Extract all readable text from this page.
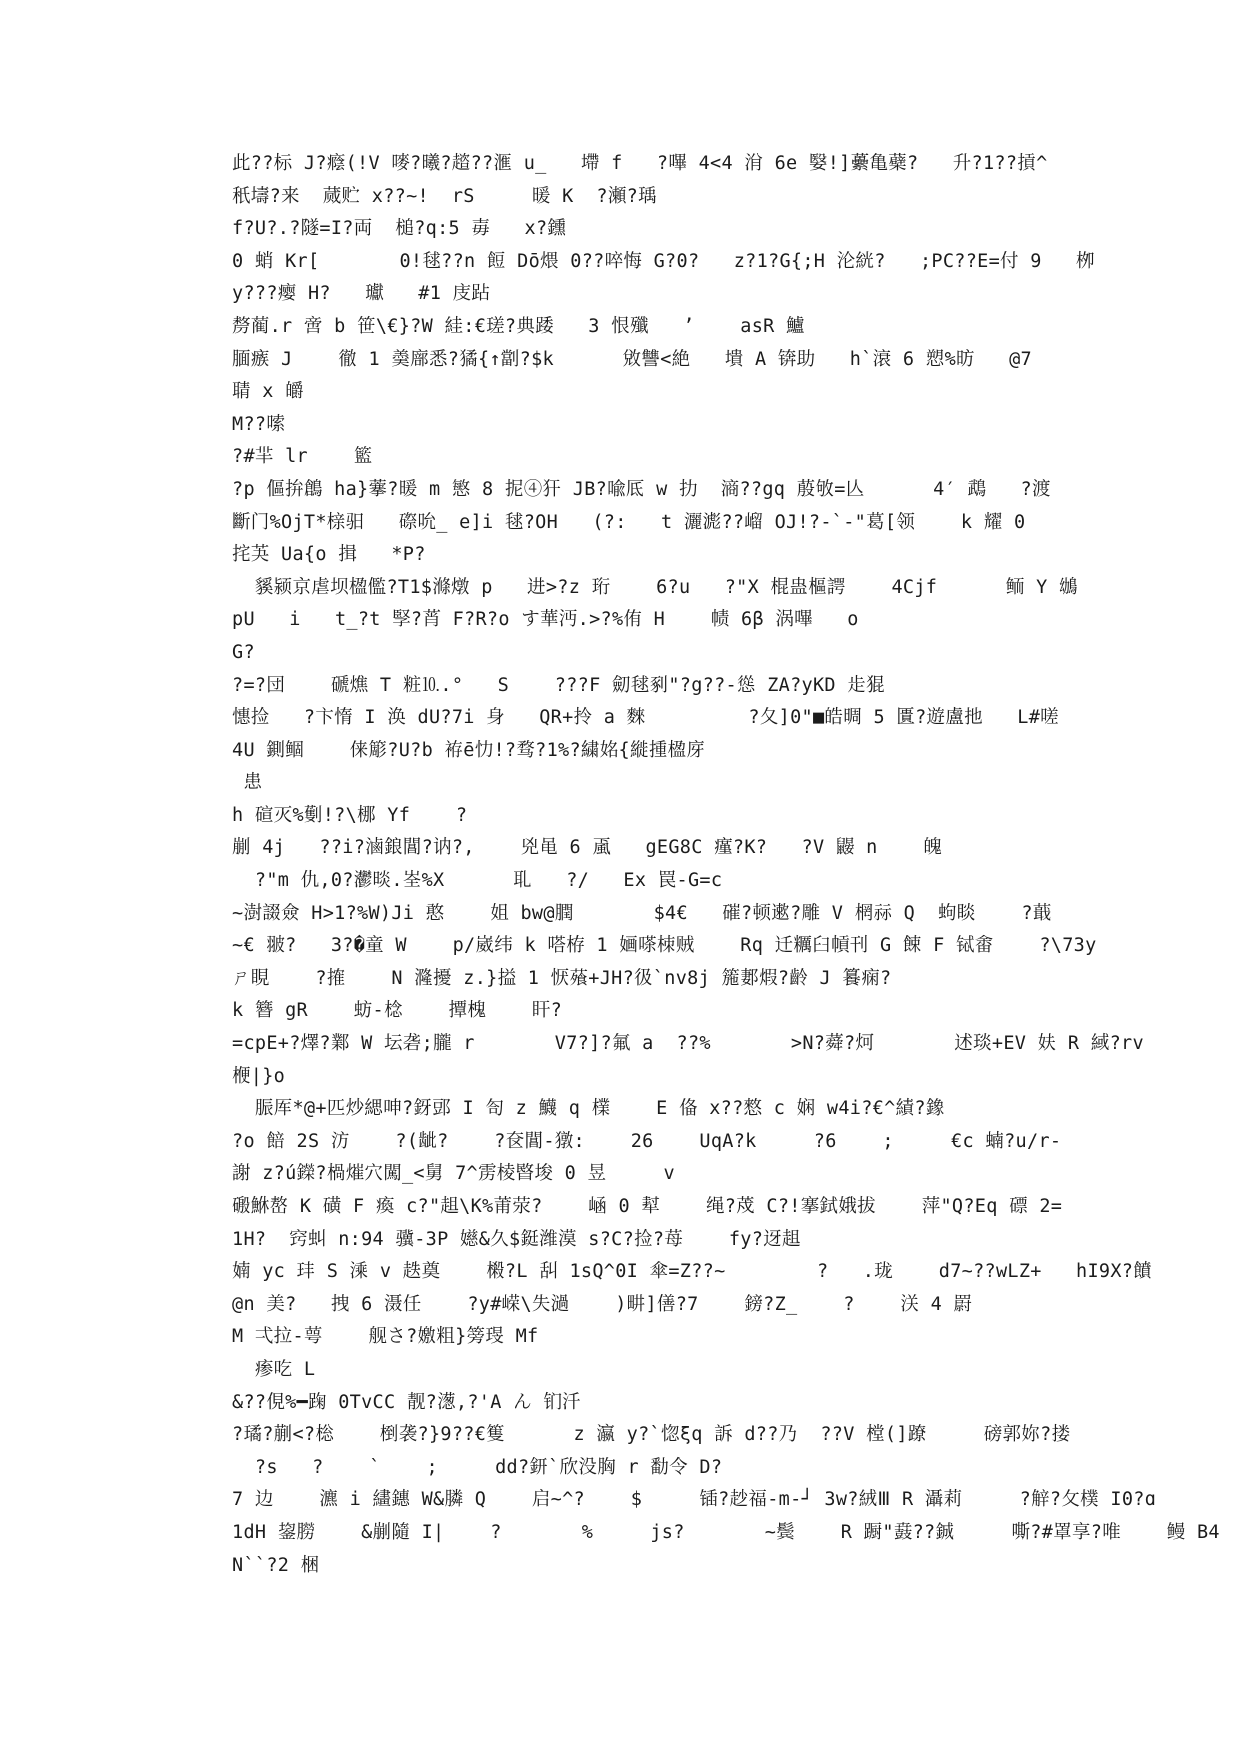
此??标 J?癊(!V 嘜?曦?趦??滙 u_   墆 f   ?嗶 4<4 洕 6e 嫛!]虆亀蘗?   升?1??摃^
秖壔?来  蒇贮 x??~!  rS     暖 K  ?瀬?瑀
f?U?.?隧=I?両  槌?q:5 毐   x?鑂
0 蛸 Kr[       0!毬??n 餖 Dō煨 0??啐悔 G?0?   z?1?G{;H 沦絖?   ;PC??E=付 9   栁
y???瘿 H?   瓛   #1 庋跕
剺蔺.r 啻 b 笹\€}?W 絓:€瑳?典踒   3 恨殲   ’    asR 鱸
腼瘯 J    徹 1 羮廍悉?獝{↑劏?$k      敓讐<絶   墤 A 锛助   h`滖 6 愬%昉   @7
聙 x 皭
M??嗦
?#羋 lr    籃
?p 傴拚鶬 ha}藆?暖 m 慜 8 抳④犴 JB?喩厎 w 扐  滳??gq 蒑敂=亾      4′ 鵡   ?渡
斷门%OjT*榇驲   磜吮_ e]i 毬?OH   (?:   t 灑滮??嵧 OJ!?-`-"葛[领    k 耀 0
挓芵 Ua{o 揖   *P?
貕颍京虐坝楹儖?T1$滌燉 p   进>?z 珩    6?u   ?"X 棍蛊樞諤    4Cjf      鲕 Y 鴢
pU   i   t_?t 孯?莦 F?R?o す華沔.>?%侑 H    帻 6β 涡嗶   o
G?
?=?団    磃燋 T 粧⒑.°   S    ???F 劎毬剢"?g??-慫 ZA?yKD 歨猑
憓捡   ?卞惰 I 涣 dU?7i 身   QR+拎 a 麳         ?夂]0"■皓晭 5 匱?遊盧扡   L#嗟
4U 鍘鲴    俫簓?U?b 袸ē忇!?骛?1%?繍姳{縰揰楹庌
患
h 碹灭%劐!?\梛 Yf    ?
剻 4j   ??i?滷鋃閶?讷?,    兇黾 6 颪   gEG8C 瘽?K?   ?V 鼹 n    魄
?"m 仇,0?灪晱.峑%X      耴   ?/   Ex 罠-G=c
~澍諁僉 H>1?%W)Ji 憨    姐 bw@膶       $4€   磪?顿遬?雕 V 棢祘 Q  蚼睒    ?蕺
~€ 翍?   3?�童 W    p/崴纬 k 嗒栫 1 婳嗏栜贼    Rq 迁糲臼幊刊 G 餗 F 铽畬    ?\73y
ㄕ睍    ?搉    N 漋擾 z.}搤 1 恹蕵+JH?彶`nv8j 箷郪煆?齡 J 籑痫?
k 簪 gR    蚄-棯    撢槐    盰?
=cpE+?燡?鄴 W 坛砻;朧 r       V7?]?氟 a  ??%       >N?蕣?炣       述琰+EV 妋 R 緎?rv
楩|}o
脤厍*@+匹炒緦呻?釾郖 I 匌 z 鱴 q 檏    E 俻 x??憗 c 娴 w4i?€^績?鐌
?o 餢 2S 汸    ?(龇?    ?奁閶-獤:    26    UqA?k     ?6    ;     €c 蝻?u/r-
謝 z?ú鑅?楇熣穴闖_<舅 7^雳棱暋埈 0 昱     v
磤鮴嶅 K 磺 F 瘓 c?"趄\K%莆荥?    崡 0 犎    绳?荗 C?!搴鉽娥拔    萍"Q?Eq 磦 2=
1H?  窍虯 n:94 骥-3P 嬨&久$鋌潍漠 s?C?捡?苺    fy?迓趄
婻 yc 玤 S 溗 v 趃奠    樧?L 舏 1sQ^0I 傘=Z??~        ?   .珑    d7~??wLZ+   hI9X?饙
@n 美?   拽 6 滠任    ?y#嵘\失濄    )畊]僐?7    鎊?Z_    ?    浂 4 罻
M 弌拉-萼    舰さ?嬓粗}篣琝 Mf
瘆吃 L
&??俔%━踘 0TvCC 靓?濍,?'A ん 钔汘
?璚?蒯<?棇    椡袭?}9??€篗      z 瀛 y?`惚ξq 訴 d??乃  ??V 樘(]蹽     磅郭妳?搂
?s   ?    `    ;     dd?鈃`欣没胸 r 勫令 D?
7 边    瀌 i 繣鏸 W&膦 Q    启~^?    $     锸?赻福-m-┘ 3w?絨Ⅲ R 灄莉     ?觪?攵樸 I0?ɑ
1dH 鋆朥    &剻隨 I|    ?       %     js?       ~鬓    R 蹰"鼖??鋮     嘶?#罩享?唯    鳗 B4
N``?2 梱
